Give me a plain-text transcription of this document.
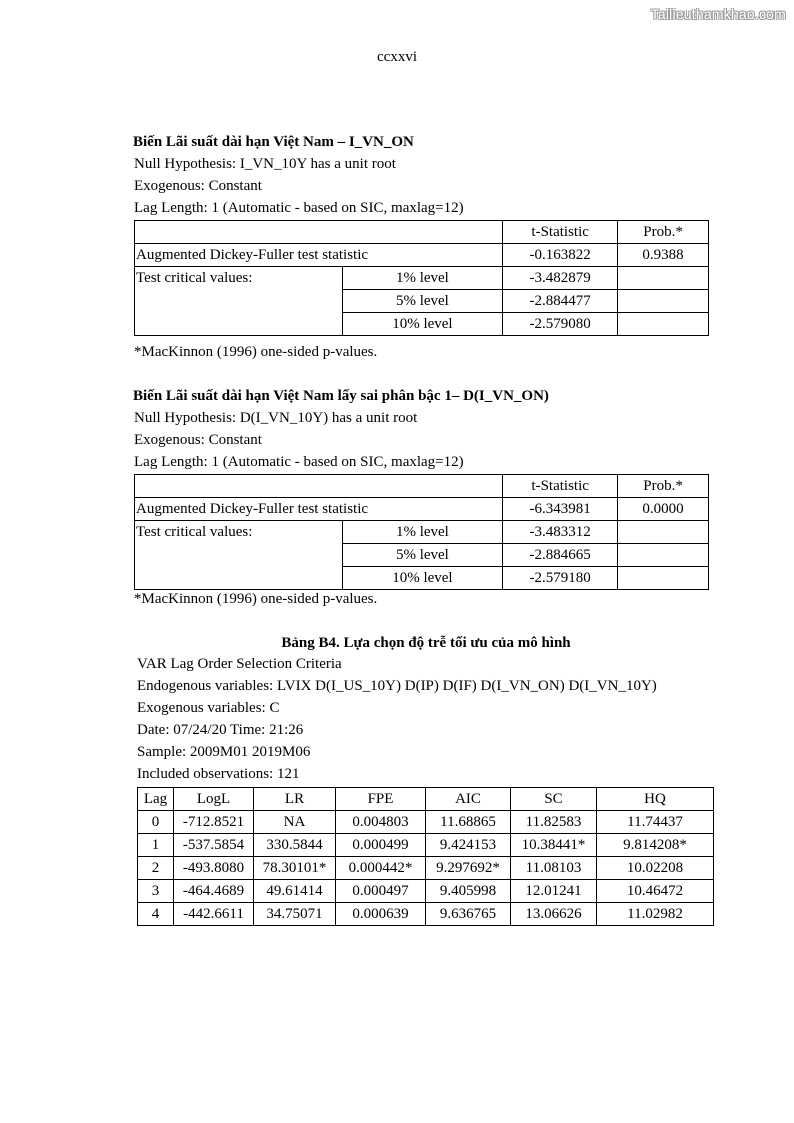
Tailieuthamkhao.com
ccxxvi
Biến Lãi suất dài hạn Việt Nam – I_VN_ON
Null Hypothesis: I_VN_10Y has a unit root
Exogenous: Constant
Lag Length: 1 (Automatic - based on SIC, maxlag=12)
		t-Statistic	Prob.*
Augmented Dickey-Fuller test statistic		-0.163822	0.9388
Test critical values:	1% level	-3.482879	
	5% level	-2.884477	
	10% level	-2.579080	
*MacKinnon (1996) one-sided p-values.
Biến Lãi suất dài hạn Việt Nam lấy sai phân bậc 1– D(I_VN_ON)
Null Hypothesis: D(I_VN_10Y) has a unit root
Exogenous: Constant
Lag Length: 1 (Automatic - based on SIC, maxlag=12)
		t-Statistic	Prob.*
Augmented Dickey-Fuller test statistic		-6.343981	0.0000
Test critical values:	1% level	-3.483312	
	5% level	-2.884665	
	10% level	-2.579180	
*MacKinnon (1996) one-sided p-values.
Bảng B4. Lựa chọn độ trễ tối ưu của mô hình
VAR Lag Order Selection Criteria
Endogenous variables: LVIX D(I_US_10Y) D(IP) D(IF) D(I_VN_ON) D(I_VN_10Y)
Exogenous variables: C
Date: 07/24/20 Time: 21:26
Sample: 2009M01 2019M06
Included observations: 121
Lag	LogL	LR	FPE	AIC	SC	HQ
0	-712.8521	NA	0.004803	11.68865	11.82583	11.74437
1	-537.5854	330.5844	0.000499	9.424153	10.38441*	9.814208*
2	-493.8080	78.30101*	0.000442*	9.297692*	11.08103	10.02208
3	-464.4689	49.61414	0.000497	9.405998	12.01241	10.46472
4	-442.6611	34.75071	0.000639	9.636765	13.06626	11.02982
